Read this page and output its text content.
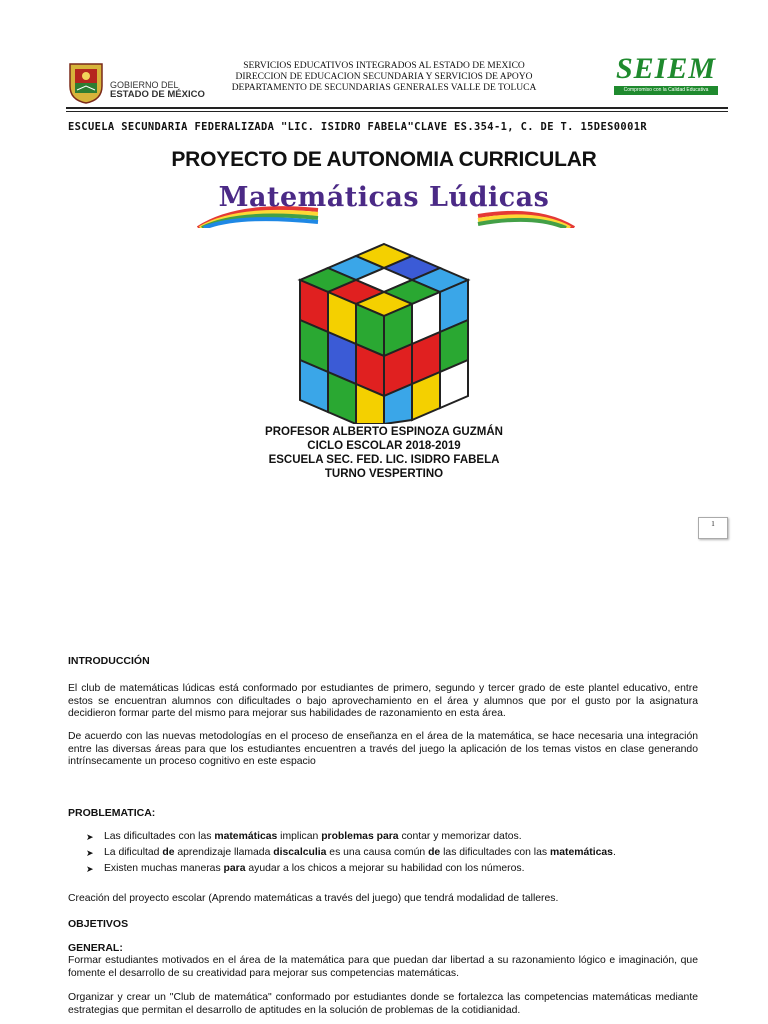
GOBIERNO DEL
ESTADO DE MÉXICO
SERVICIOS EDUCATIVOS INTEGRADOS AL ESTADO DE MEXICO
DIRECCION DE EDUCACION SECUNDARIA Y SERVICIOS DE APOYO
DEPARTAMENTO DE SECUNDARIAS GENERALES VALLE DE TOLUCA
SEIEM
Compromiso con la Calidad Educativa
ESCUELA SECUNDARIA FEDERALIZADA "LIC. ISIDRO FABELA"CLAVE ES.354-1, C. DE T. 15DES0001R
PROYECTO DE AUTONOMIA CURRICULAR
Matemáticas Lúdicas
PROFESOR ALBERTO ESPINOZA GUZMÁN
CICLO ESCOLAR 2018-2019
ESCUELA SEC. FED. LIC. ISIDRO FABELA
TURNO VESPERTINO
1
INTRODUCCIÓN
El club de matemáticas lúdicas está conformado por estudiantes de primero, segundo y tercer grado de este plantel educativo, entre estos se encuentran alumnos con dificultades o bajo aprovechamiento en el área y alumnos que por el gusto por la asignatura decidieron formar parte del mismo para mejorar sus habilidades de razonamiento en esta área.
De acuerdo con las nuevas metodologías en el proceso de enseñanza en el área de la matemática, se hace necesaria una integración entre las diversas áreas para que los estudiantes encuentren a través del juego la aplicación de los temas vistos en clase generando intrínsecamente un proceso cognitivo en este espacio
PROBLEMATICA:
➤ Las dificultades con las matemáticas implican problemas para contar y memorizar datos.
➤ La dificultad de aprendizaje llamada discalculia es una causa común de las dificultades con las matemáticas.
➤ Existen muchas maneras para ayudar a los chicos a mejorar su habilidad con los números.
Creación del proyecto escolar (Aprendo matemáticas a través del juego) que tendrá modalidad de talleres.
OBJETIVOS
GENERAL:
Formar estudiantes motivados en el área de la matemática para que puedan dar libertad a su razonamiento lógico e imaginación, que fomente el desarrollo de su creatividad para mejorar sus competencias matemáticas.
Organizar y crear un "Club de matemática" conformado por estudiantes donde se fortalezca las competencias matemáticas mediante estrategias que permitan el desarrollo de aptitudes en la solución de problemas de la cotidianidad.
